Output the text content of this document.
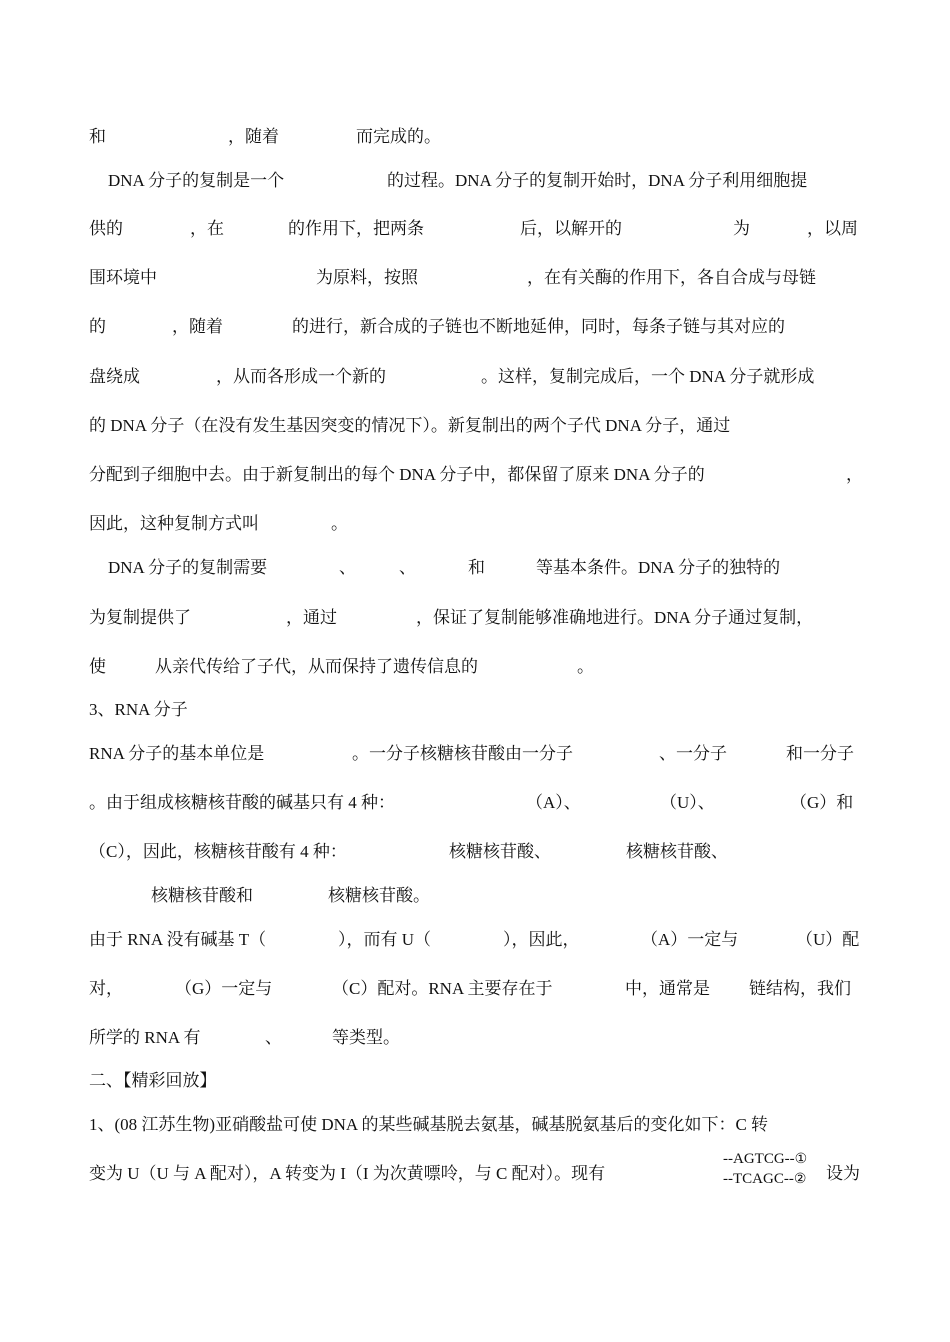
和	，随着	而完成的。
DNA 分子的复制是一个	的过程。DNA 分子的复制开始时，DNA 分子利用细胞提
供的	，在	的作用下，把两条	后，以解开的	为	，以周
围环境中	为原料，按照	，在有关酶的作用下，各自合成与母链
的	，随着	的进行，新合成的子链也不断地延伸，同时，每条子链与其对应的
盘绕成	，从而各形成一个新的	。这样，复制完成后，一个 DNA 分子就形成
的 DNA 分子（在没有发生基因突变的情况下）。新复制出的两个子代 DNA 分子，通过
分配到子细胞中去。由于新复制出的每个 DNA 分子中，都保留了原来 DNA 分子的	，
因此，这种复制方式叫	。
DNA 分子的复制需要	、	、	和	等基本条件。DNA 分子的独特的
为复制提供了	，通过	，保证了复制能够准确地进行。DNA 分子通过复制，
使	从亲代传给了子代，从而保持了遗传信息的	。
3、RNA 分子
RNA 分子的基本单位是	。一分子核糖核苷酸由一分子	、一分子	和一分子
。由于组成核糖核苷酸的碱基只有 4 种：	（A）、	（U）、	（G）和
（C），因此，核糖核苷酸有 4 种：	核糖核苷酸、	核糖核苷酸、
核糖核苷酸和	核糖核苷酸。
由于 RNA 没有碱基 T（	），而有 U（	），因此，	（A）一定与	（U）配
对，	（G）一定与	（C）配对。RNA 主要存在于	中，通常是 链结构，我们
所学的 RNA 有	、	等类型。
二、【精彩回放】
1、(08 江苏生物)亚硝酸盐可使 DNA 的某些碱基脱去氨基，碱基脱氨基后的变化如下：C 转
变为 U（U 与 A 配对），A 转变为 I（I 为次黄嘌呤，与 C 配对）。现有	设为
--AGTCG--①
--TCAGC--②
